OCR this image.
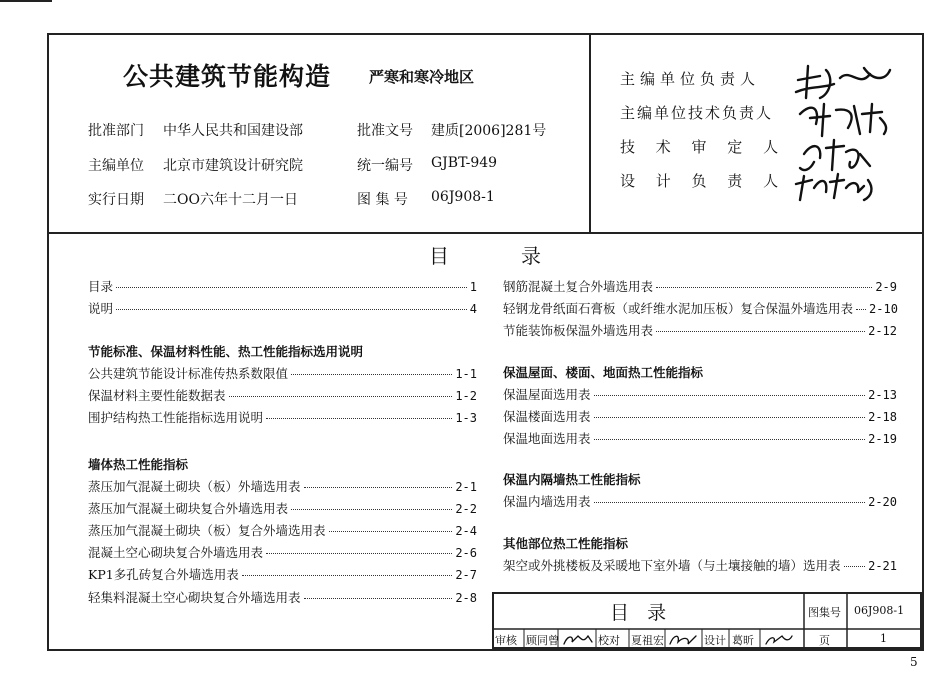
公共建筑节能构造	严寒和寒冷地区
批准部门 中华人民共和国建设部	批准文号 建质[2006]281号
主编单位 北京市建筑设计研究院	统一编号 GJBT-949
实行日期 二OO六年十二月一日	图 集 号 06J908-1
主编单位负责人
主编单位技术负责人
技 术 审 定 人
设 计 负 责 人
目	录
目录	1
说明	4
节能标准、保温材料性能、热工性能指标选用说明
公共建筑节能设计标准传热系数限值	1-1
保温材料主要性能数据表	1-2
围护结构热工性能指标选用说明	1-3
墙体热工性能指标
蒸压加气混凝土砌块（板）外墙选用表	2-1
蒸压加气混凝土砌块复合外墙选用表	2-2
蒸压加气混凝土砌块（板）复合外墙选用表	2-4
混凝土空心砌块复合外墙选用表	2-6
KP1多孔砖复合外墙选用表	2-7
轻集料混凝土空心砌块复合外墙选用表	2-8
钢筋混凝土复合外墙选用表	2-9
轻钢龙骨纸面石膏板（或纤维水泥加压板）复合保温外墙选用表 2-10
节能装饰板保温外墙选用表	2-12
保温屋面、楼面、地面热工性能指标
保温屋面选用表	2-13
保温楼面选用表	2-18
保温地面选用表	2-19
保温内隔墙热工性能指标
保温内墙选用表	2-20
其他部位热工性能指标
架空或外挑楼板及采暖地下室外墙（与土壤接触的墙）选用表 2-21
目   录	图集号 06J908-1
审核 顾同曾	校对 夏祖宏	设计 葛昕	页	1
5
